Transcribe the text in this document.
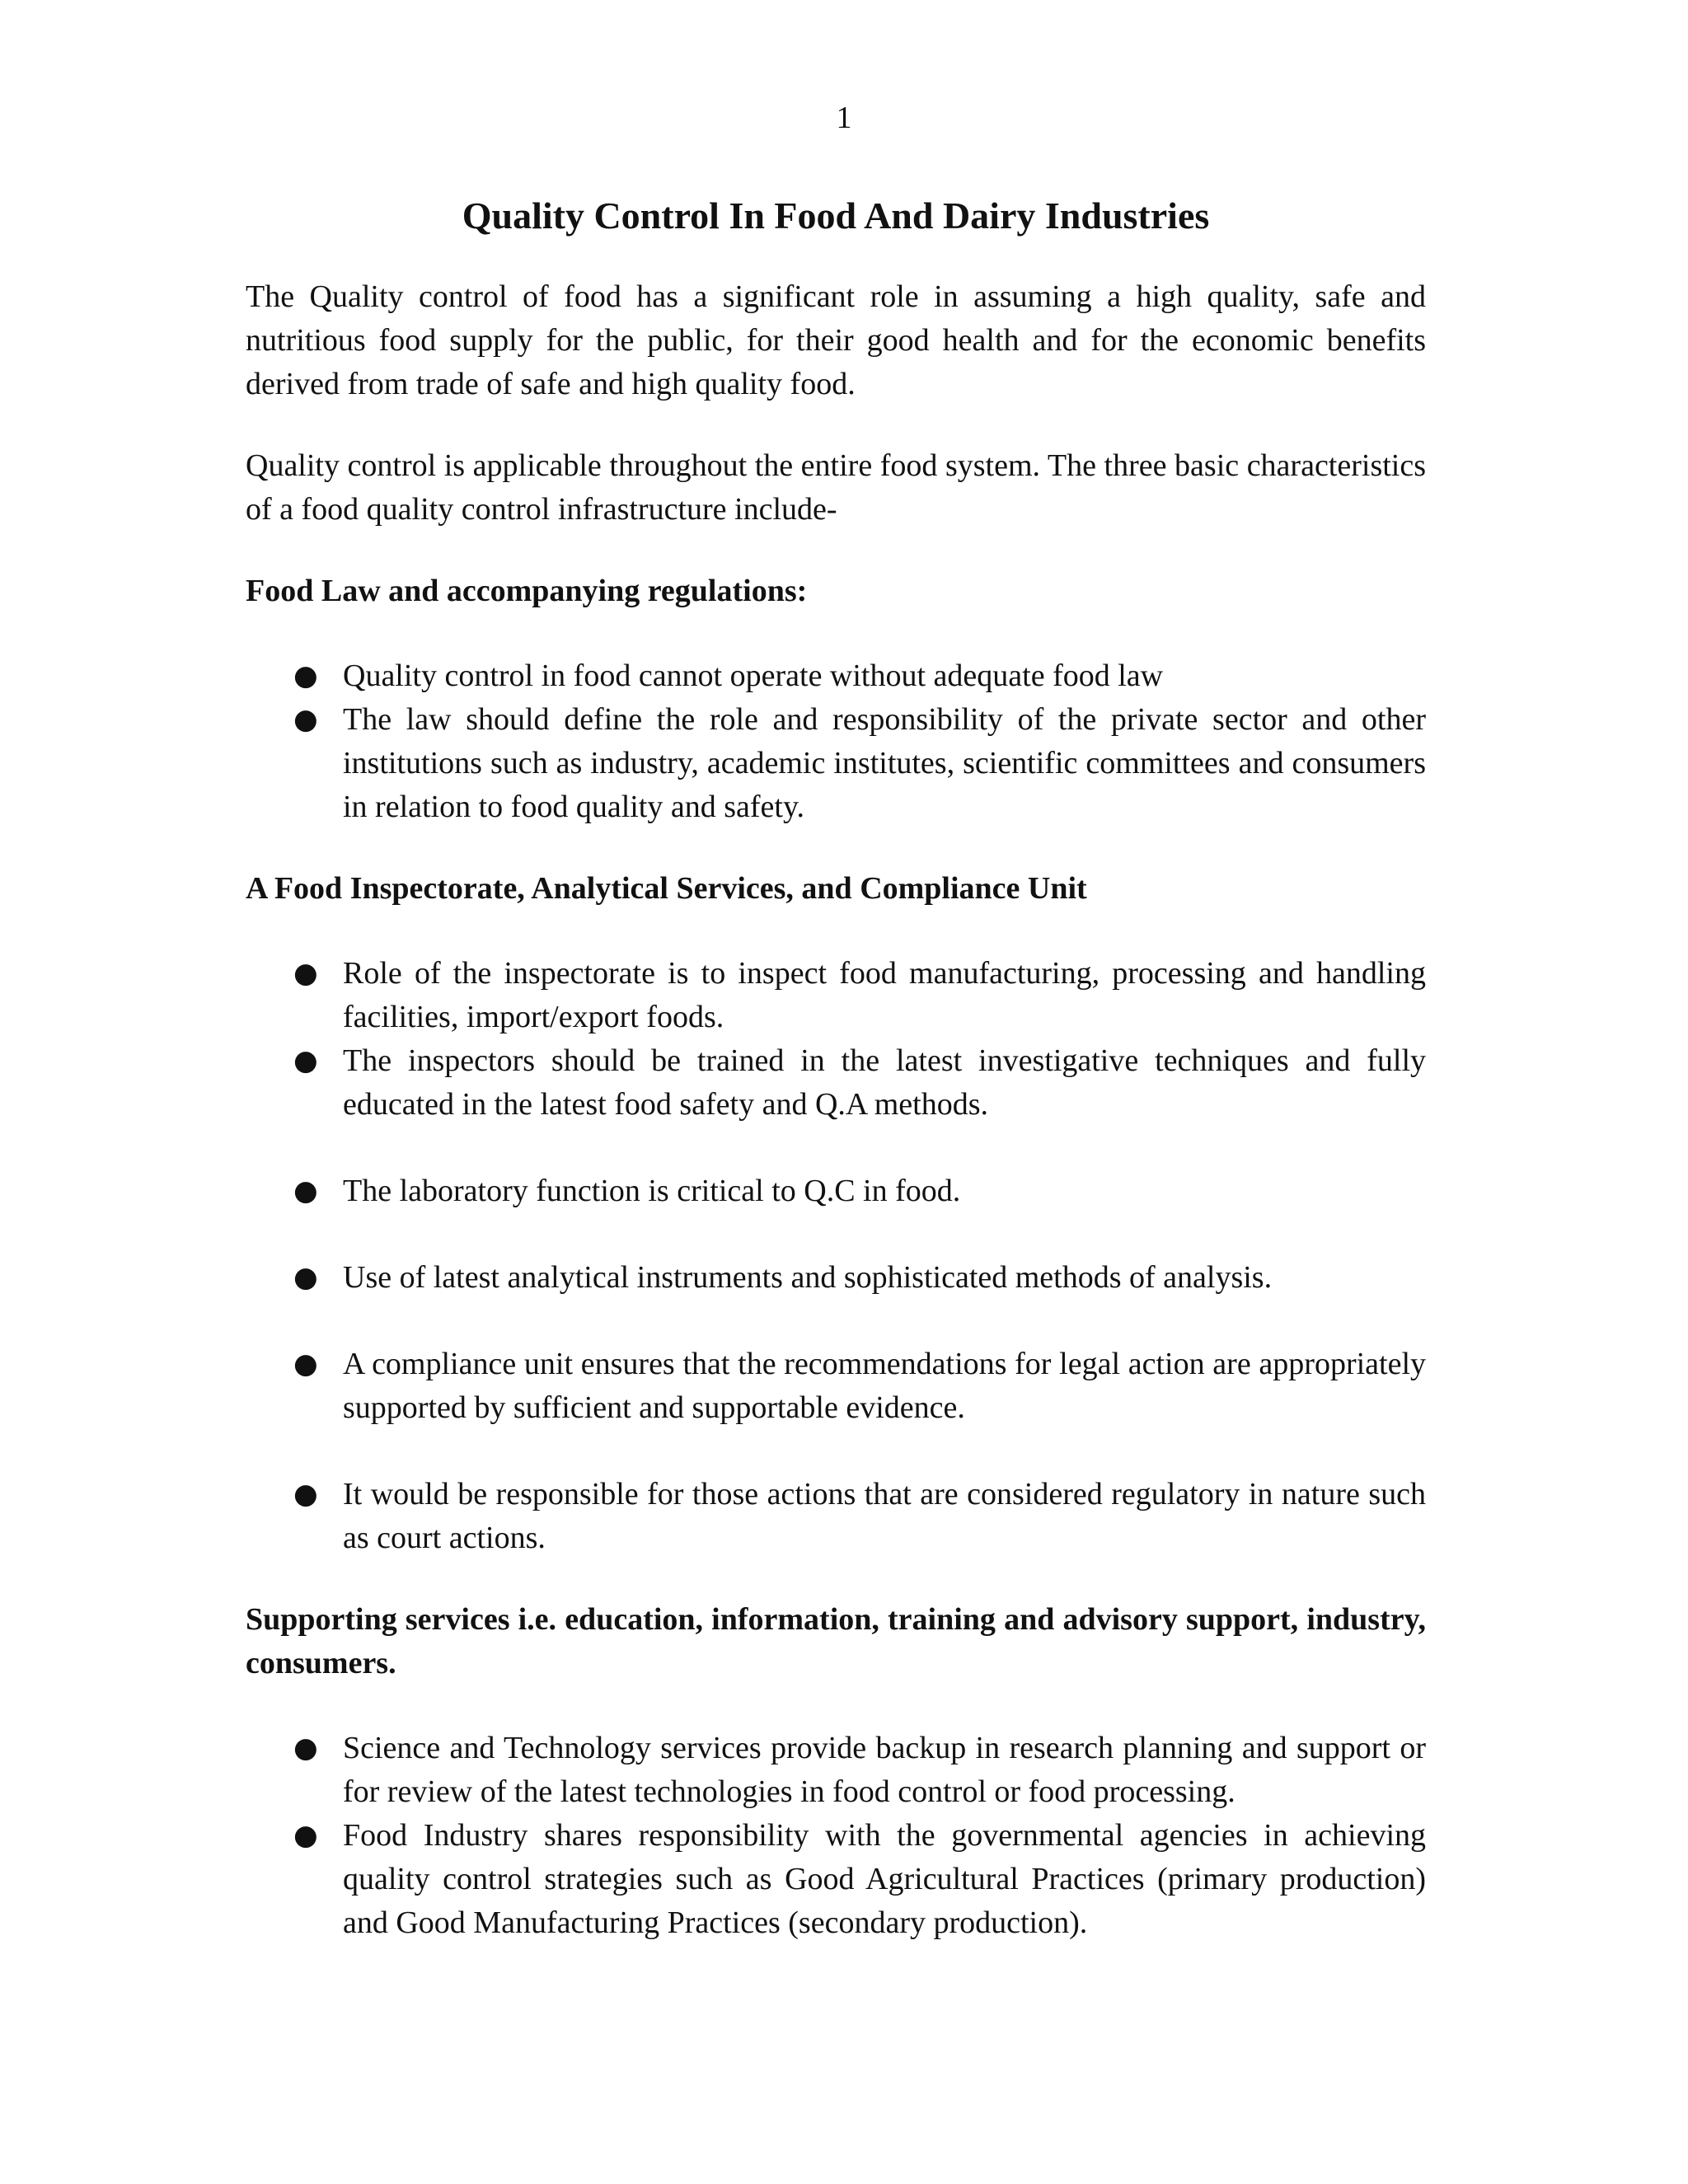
1
Quality Control In Food And Dairy Industries

The Quality control of food has a significant role in assuming a high quality, safe and nutritious food supply for the public, for their good health and for the economic benefits derived from trade of safe and high quality food.

Quality control is applicable throughout the entire food system. The three basic characteristics of a food quality control infrastructure include-

Food Law and accompanying regulations:
● Quality control in food cannot operate without adequate food law
● The law should define the role and responsibility of the private sector and other institutions such as industry, academic institutes, scientific committees and consumers in relation to food quality and safety.
A Food Inspectorate, Analytical Services, and Compliance Unit
● Role of the inspectorate is to inspect food manufacturing, processing and handling facilities, import/export foods.
● The inspectors should be trained in the latest investigative techniques and fully educated in the latest food safety and Q.A methods.
● The laboratory function is critical to Q.C in food.
● Use of latest analytical instruments and sophisticated methods of analysis.
● A compliance unit ensures that the recommendations for legal action are appropriately supported by sufficient and supportable evidence.
● It would be responsible for those actions that are considered regulatory in nature such as court actions.
Supporting services i.e. education, information, training and advisory support, industry, consumers.
● Science and Technology services provide backup in research planning and support or for review of the latest technologies in food control or food processing.
● Food Industry shares responsibility with the governmental agencies in achieving quality control strategies such as Good Agricultural Practices (primary production) and Good Manufacturing Practices (secondary production).
